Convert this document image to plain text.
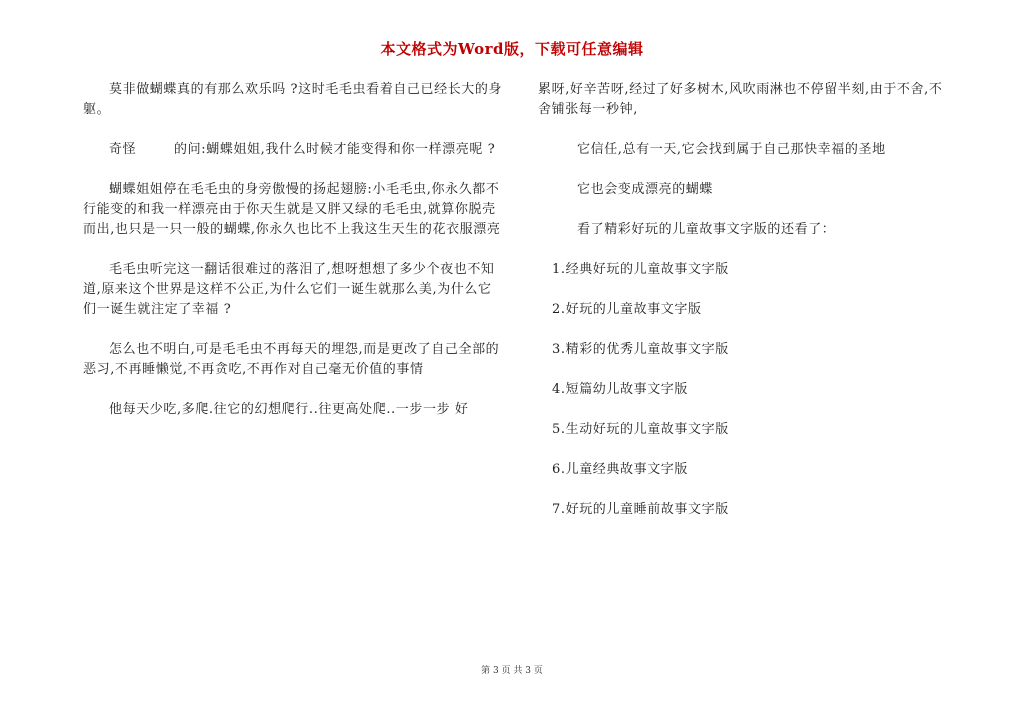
本文格式为Word版，下载可任意编辑

莫非做蝴蝶真的有那么欢乐吗 ?这时毛毛虫看着自己已经长大的身躯。

奇怪        的问:蝴蝶姐姐,我什么时候才能变得和你一样漂亮呢 ?

蝴蝶姐姐停在毛毛虫的身旁傲慢的扬起翅膀:小毛毛虫,你永久都不行能变的和我一样漂亮由于你天生就是又胖又绿的毛毛虫,就算你脱壳而出,也只是一只一般的蝴蝶,你永久也比不上我这生天生的花衣服漂亮

毛毛虫听完这一翻话很难过的落泪了,想呀想想了多少个夜也不知道,原来这个世界是这样不公正,为什么它们一诞生就那么美,为什么它们一诞生就注定了幸福 ?

怎么也不明白,可是毛毛虫不再每天的埋怨,而是更改了自己全部的恶习,不再睡懒觉,不再贪吃,不再作对自己毫无价值的事情

他每天少吃,多爬.往它的幻想爬行..往更高处爬..一步一步 好

累呀,好辛苦呀,经过了好多树木,风吹雨淋也不停留半刻,由于不舍,不舍铺张每一秒钟,

它信任,总有一天,它会找到属于自己那快幸福的圣地

它也会变成漂亮的蝴蝶

看了精彩好玩的儿童故事文字版的还看了：

1.经典好玩的儿童故事文字版
2.好玩的儿童故事文字版
3.精彩的优秀儿童故事文字版
4.短篇幼儿故事文字版
5.生动好玩的儿童故事文字版
6.儿童经典故事文字版
7.好玩的儿童睡前故事文字版
第 3 页 共 3 页
